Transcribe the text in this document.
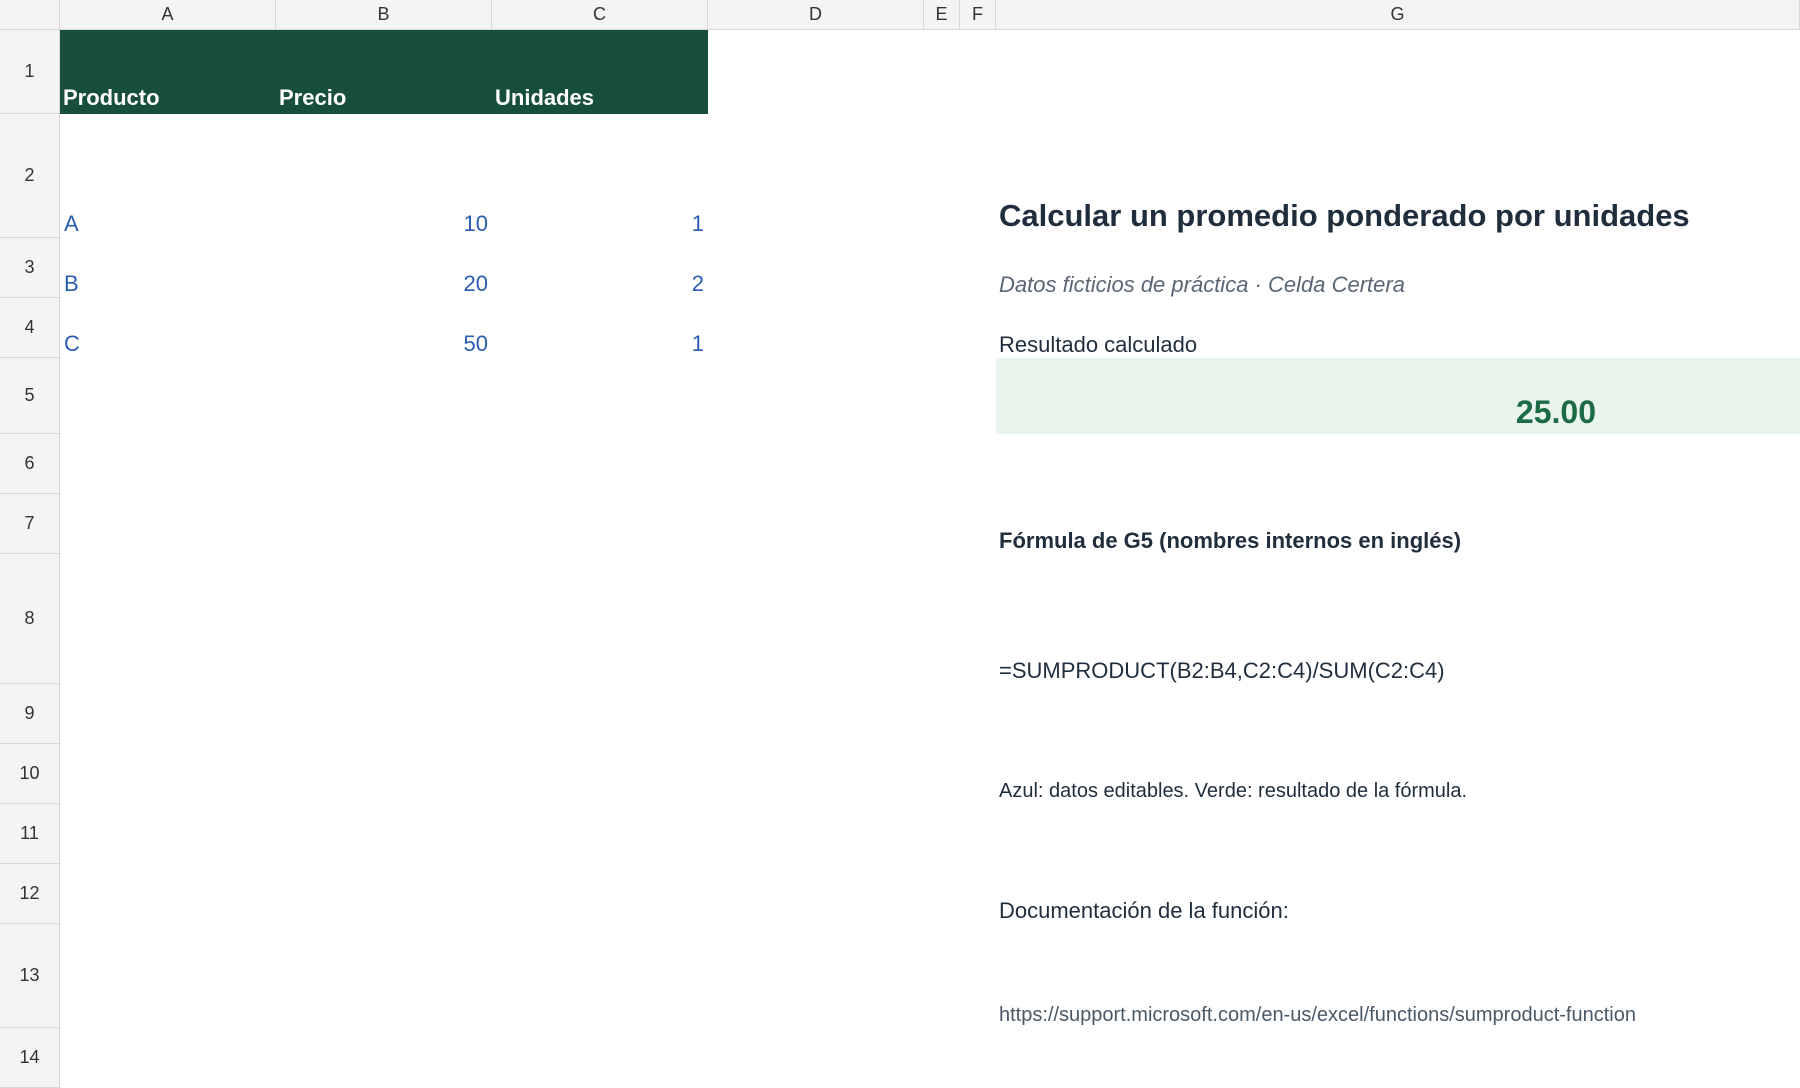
A	B	C	D	E	F	G
1
2
3
4
5
6
7
8
9
10
11
12
13
14
Producto	Precio	Unidades
A	10	1
B	20	2
C	50	1
Calcular un promedio ponderado por unidades
Datos ficticios de práctica · Celda Certera
Resultado calculado
25.00
Fórmula de G5 (nombres internos en inglés)
=SUMPRODUCT(B2:B4,C2:C4)/SUM(C2:C4)
Azul: datos editables. Verde: resultado de la fórmula.
Documentación de la función:
https://support.microsoft.com/en-us/excel/functions/sumproduct-function
